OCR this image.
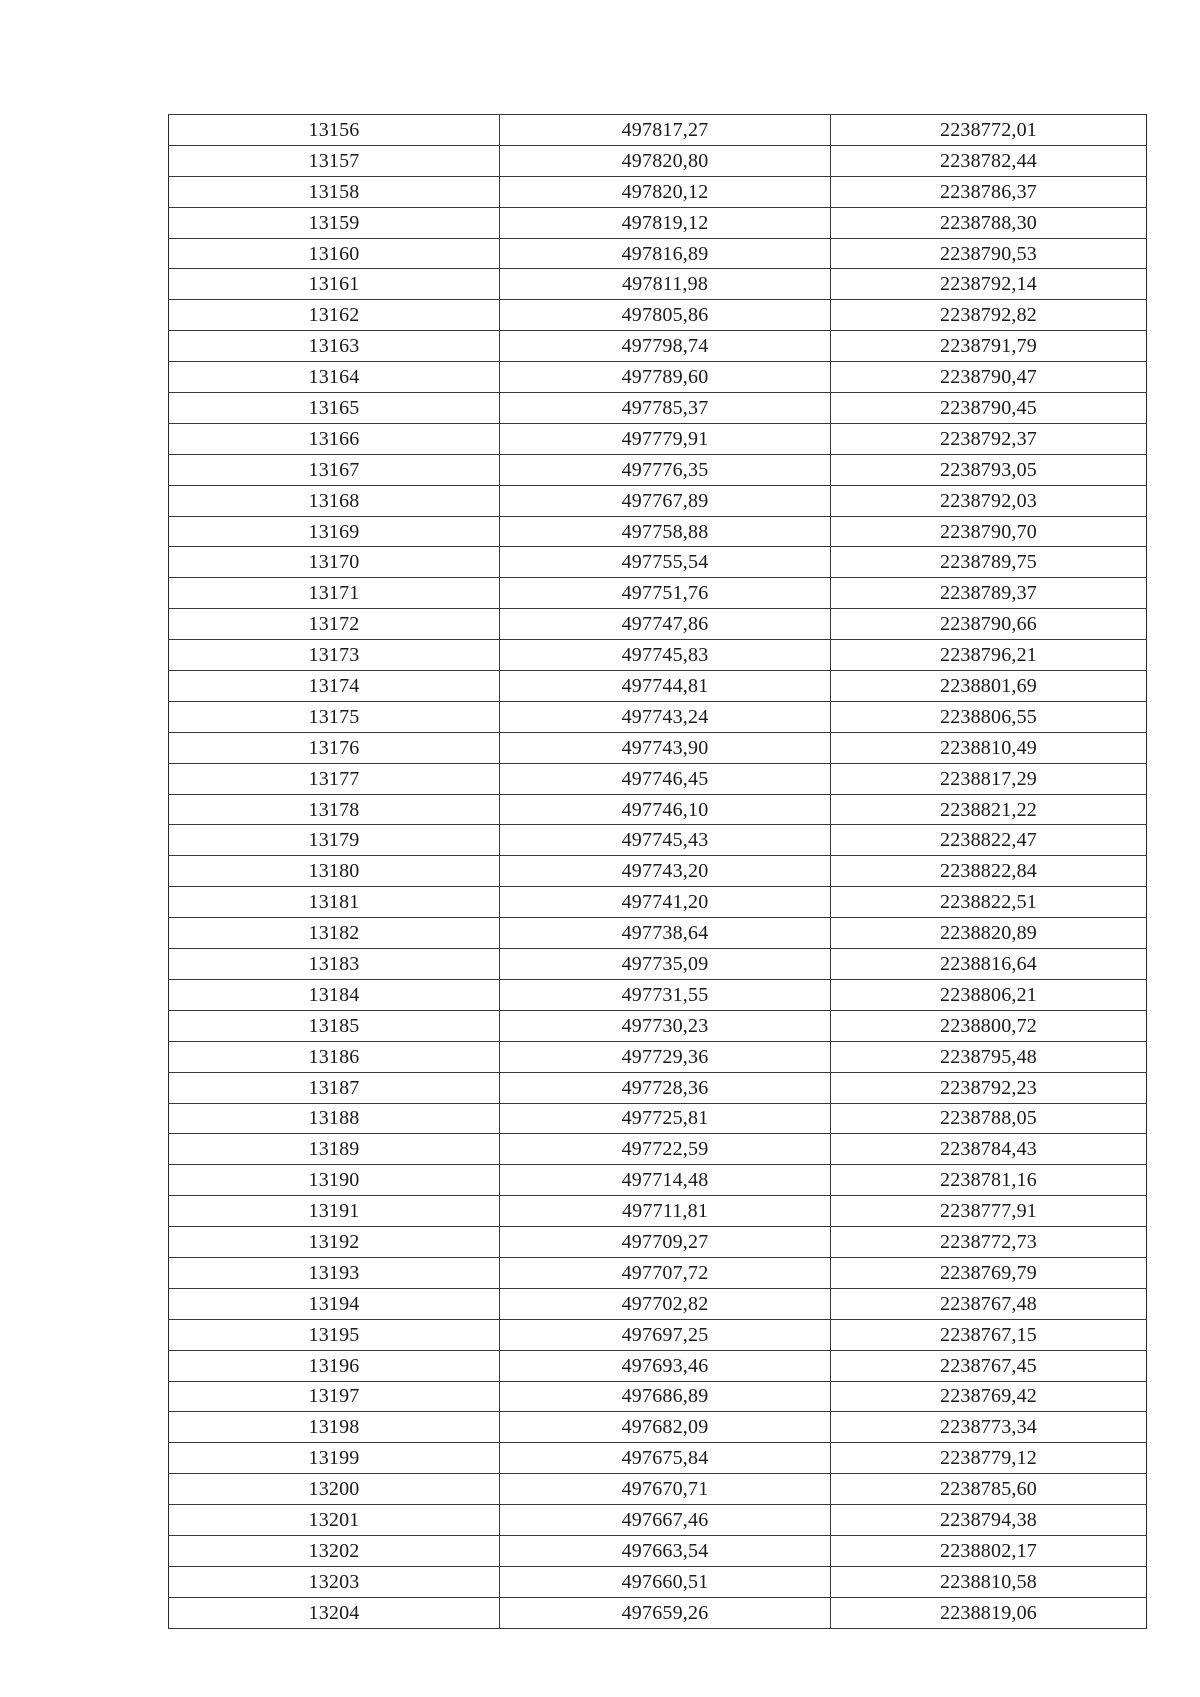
13156	497817,27	2238772,01
13157	497820,80	2238782,44
13158	497820,12	2238786,37
13159	497819,12	2238788,30
13160	497816,89	2238790,53
13161	497811,98	2238792,14
13162	497805,86	2238792,82
13163	497798,74	2238791,79
13164	497789,60	2238790,47
13165	497785,37	2238790,45
13166	497779,91	2238792,37
13167	497776,35	2238793,05
13168	497767,89	2238792,03
13169	497758,88	2238790,70
13170	497755,54	2238789,75
13171	497751,76	2238789,37
13172	497747,86	2238790,66
13173	497745,83	2238796,21
13174	497744,81	2238801,69
13175	497743,24	2238806,55
13176	497743,90	2238810,49
13177	497746,45	2238817,29
13178	497746,10	2238821,22
13179	497745,43	2238822,47
13180	497743,20	2238822,84
13181	497741,20	2238822,51
13182	497738,64	2238820,89
13183	497735,09	2238816,64
13184	497731,55	2238806,21
13185	497730,23	2238800,72
13186	497729,36	2238795,48
13187	497728,36	2238792,23
13188	497725,81	2238788,05
13189	497722,59	2238784,43
13190	497714,48	2238781,16
13191	497711,81	2238777,91
13192	497709,27	2238772,73
13193	497707,72	2238769,79
13194	497702,82	2238767,48
13195	497697,25	2238767,15
13196	497693,46	2238767,45
13197	497686,89	2238769,42
13198	497682,09	2238773,34
13199	497675,84	2238779,12
13200	497670,71	2238785,60
13201	497667,46	2238794,38
13202	497663,54	2238802,17
13203	497660,51	2238810,58
13204	497659,26	2238819,06
